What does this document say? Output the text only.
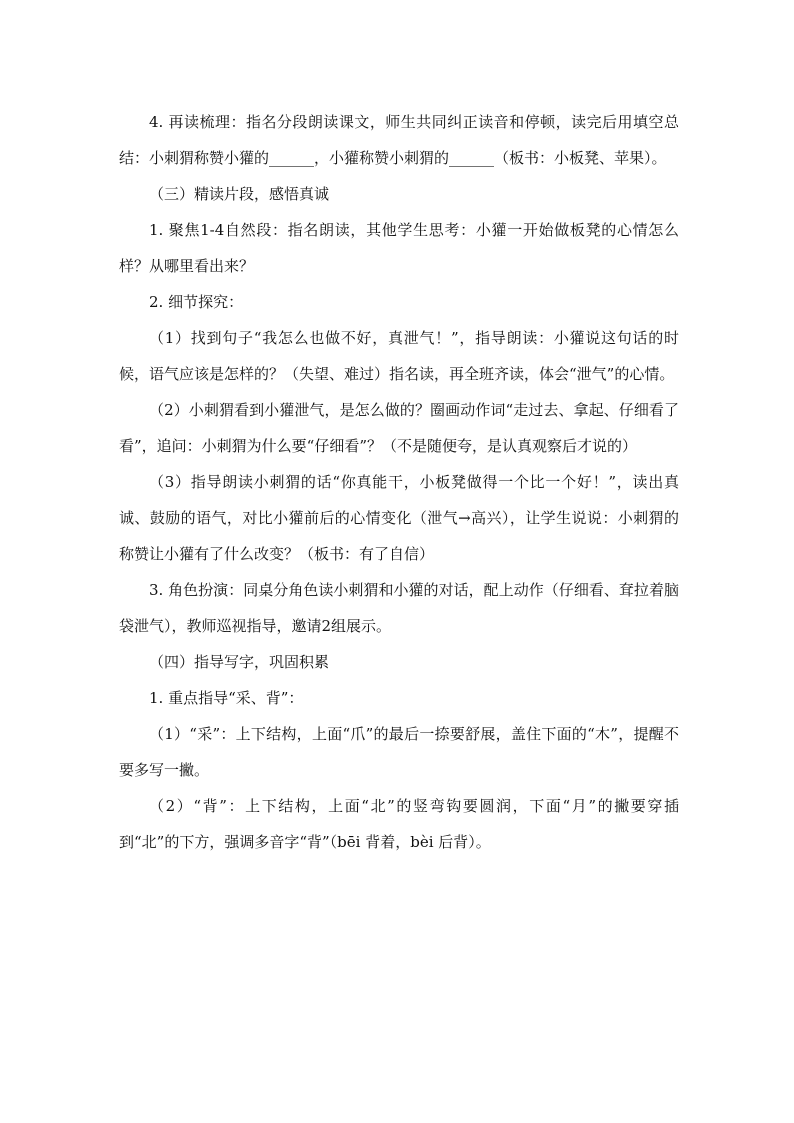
4. 再读梳理：指名分段朗读课文，师生共同纠正读音和停顿，读完后用填空总结：小刺猬称赞小獾的______，小獾称赞小刺猬的______（板书：小板凳、苹果）。

（三）精读片段，感悟真诚

1. 聚焦1-4自然段：指名朗读，其他学生思考：小獾一开始做板凳的心情怎么样？从哪里看出来？

2. 细节探究：

（1）找到句子“我怎么也做不好，真泄气！”，指导朗读：小獾说这句话的时候，语气应该是怎样的？（失望、难过）指名读，再全班齐读，体会“泄气”的心情。

（2）小刺猬看到小獾泄气，是怎么做的？圈画动作词“走过去、拿起、仔细看了看”，追问：小刺猬为什么要“仔细看”？（不是随便夸，是认真观察后才说的）

（3）指导朗读小刺猬的话“你真能干，小板凳做得一个比一个好！”，读出真诚、鼓励的语气，对比小獾前后的心情变化（泄气→高兴），让学生说说：小刺猬的称赞让小獾有了什么改变？（板书：有了自信）

3. 角色扮演：同桌分角色读小刺猬和小獾的对话，配上动作（仔细看、耷拉着脑袋泄气），教师巡视指导，邀请2组展示。

（四）指导写字，巩固积累

1. 重点指导“采、背”：

（1）“采”：上下结构，上面“爪”的最后一捺要舒展，盖住下面的“木”，提醒不要多写一撇。

（2）“背”：上下结构，上面“北”的竖弯钩要圆润，下面“月”的撇要穿插到“北”的下方，强调多音字“背”（bēi 背着，bèi 后背）。
